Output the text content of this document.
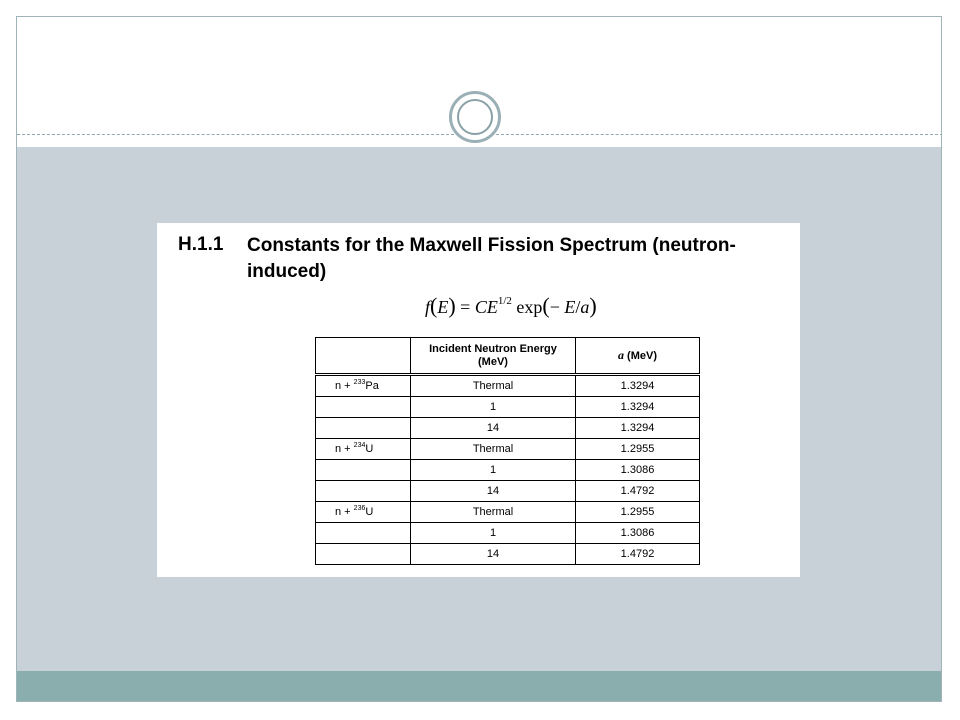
H.1.1 Constants for the Maxwell Fission Spectrum (neutron-induced)
$f(E) = CE^{1/2}$ exp(− E/a)
	Incident Neutron Energy (MeV)	a (MeV)
n + $^{233}$Pa	Thermal	1.3294
	1	1.3294
	14	1.3294
n + $^{234}$U	Thermal	1.2955
	1	1.3086
	14	1.4792
n + $^{236}$U	Thermal	1.2955
	1	1.3086
	14	1.4792
